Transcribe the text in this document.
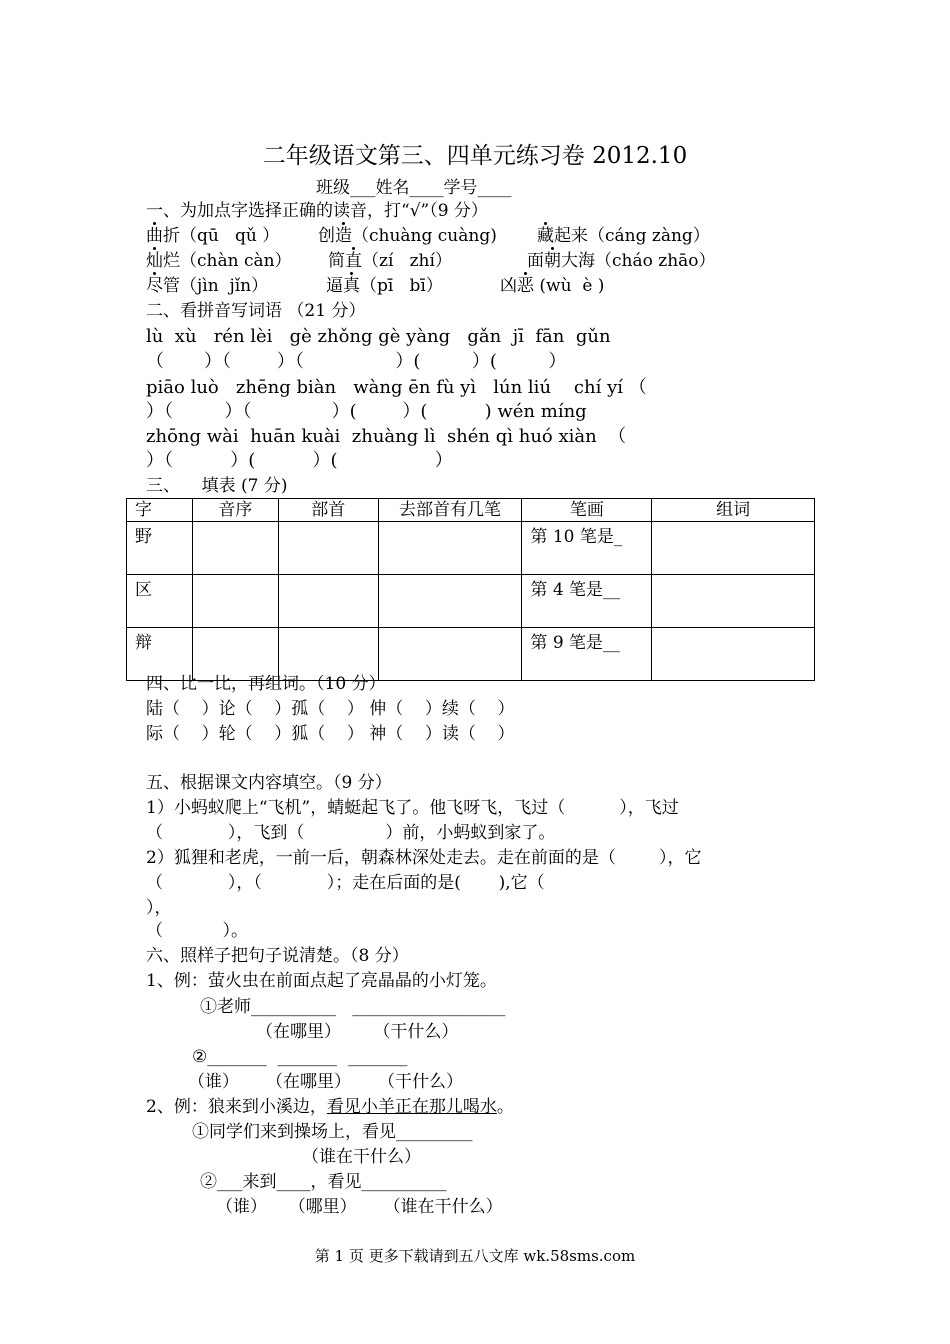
二年级语文第三、四单元练习卷 2012.10
班级___姓名____学号____
一、为加点字选择正确的读音，打“√”（9 分）
曲折（qū   qǔ ） 创造（chuàng cuàng) 藏起来（cáng zàng）
灿烂（chàn càn） 简直（zí   zhí）	面朝大海（cháo zhāo）
尽管（jìn  jǐn）	逼真（pī   bī）	凶恶 (wù  è )
二、看拼音写词语 （21 分）
lù  xù   rén lèi   gè zhǒng gè yàng   gǎn  jī  fān  gǔn
（       ）（        ）（                ）(         ）(         ）
piāo luò   zhēng biàn   wàng ēn fù yì   lún liú    chí yí （
）（         ）（              ）(        ）(          ) wén míng
zhōng wài  huān kuài  zhuàng lì  shén qì huó xiàn  （
）（          ）(          ）(                 ）
三、    填表 (7 分)
字	音序	部首	去部首有几笔	笔画	组词
野				第 10 笔是_	
区				第 4 笔是__	
辩				第 9 笔是__	
四、比一比，再组词。（10 分）
陆（    ）论（    ）孤（    ） 伸（    ）续（    ）
际（    ）轮（    ）狐（    ） 神（    ）读（    ）
五、根据课文内容填空。（9 分）
1）小蚂蚁爬上“飞机”，蜻蜓起飞了。他飞呀飞，飞过（          ），飞过
（            ），飞到（               ）前，小蚂蚁到家了。
2）狐狸和老虎，一前一后，朝森林深处走去。走在前面的是（        ），它
（            ），（            ）；走在后面的是(       ),它（
），
（           ）。
六、照样子把句子说清楚。（8 分）
1、例：萤火虫在前面点起了亮晶晶的小灯笼。
①老师__________   __________________
（在哪里）      （干什么）
②_______  _______  _______
（谁）     （在哪里）     （干什么）
2、例：狼来到小溪边，看见小羊正在那儿喝水。
①同学们来到操场上，看见_________
（谁在干什么）
②___来到____，看见__________
（谁）    （哪里）     （谁在干什么）
第 1 页 更多下载请到五八文库 wk.58sms.com
